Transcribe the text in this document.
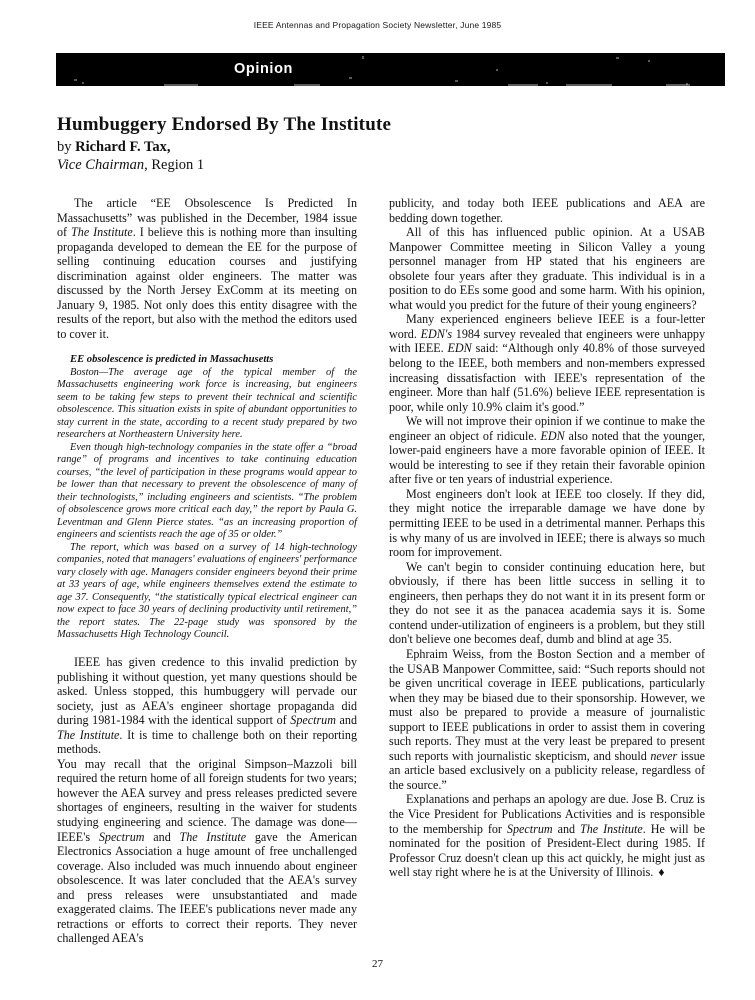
IEEE Antennas and Propagation Society Newsletter, June 1985
Opinion
Humbuggery Endorsed By The Institute
by Richard F. Tax,
Vice Chairman, Region 1

The article “EE Obsolescence Is Predicted In Massachusetts” was published in the December, 1984 issue of The Institute. I believe this is nothing more than insulting propaganda developed to demean the EE for the purpose of selling continuing education courses and justifying discrimination against older engineers. The matter was discussed by the North Jersey ExComm at its meeting on January 9, 1985. Not only does this entity disagree with the results of the report, but also with the method the editors used to cover it.

EE obsolescence is predicted in Massachusetts

Boston—The average age of the typical member of the Massachusetts engineering work force is increasing, but engineers seem to be taking few steps to prevent their technical and scientific obsolescence. This situation exists in spite of abundant opportunities to stay current in the state, according to a recent study prepared by two researchers at Northeastern University here.

Even though high-technology companies in the state offer a “broad range” of programs and incentives to take continuing education courses, “the level of participation in these programs would appear to be lower than that necessary to prevent the obsolescence of many of their technologists,” including engineers and scientists. “The problem of obsolescence grows more critical each day,” the report by Paula G. Leventman and Glenn Pierce states. “as an increasing proportion of engineers and scientists reach the age of 35 or older.”

The report, which was based on a survey of 14 high-technology companies, noted that managers' evaluations of engineers' performance vary closely with age. Managers consider engineers beyond their prime at 33 years of age, while engineers themselves extend the estimate to age 37. Consequently, “the statistically typical electrical engineer can now expect to face 30 years of declining productivity until retirement,” the report states. The 22-page study was sponsored by the Massachusetts High Technology Council.

IEEE has given credence to this invalid prediction by publishing it without question, yet many questions should be asked. Unless stopped, this humbuggery will pervade our society, just as AEA's engineer shortage propaganda did during 1981-1984 with the identical support of Spectrum and The Institute. It is time to challenge both on their reporting methods.

You may recall that the original Simpson–Mazzoli bill required the return home of all foreign students for two years; however the AEA survey and press releases predicted severe shortages of engineers, resulting in the waiver for students studying engineering and science. The damage was done—IEEE's Spectrum and The Institute gave the American Electronics Association a huge amount of free unchallenged coverage. Also included was much innuendo about engineer obsolescence. It was later concluded that the AEA's survey and press releases were unsubstantiated and made exaggerated claims. The IEEE's publications never made any retractions or efforts to correct their reports. They never challenged AEA's

publicity, and today both IEEE publications and AEA are bedding down together.

All of this has influenced public opinion. At a USAB Manpower Committee meeting in Silicon Valley a young personnel manager from HP stated that his engineers are obsolete four years after they graduate. This individual is in a position to do EEs some good and some harm. With his opinion, what would you predict for the future of their young engineers?

Many experienced engineers believe IEEE is a four-letter word. EDN's 1984 survey revealed that engineers were unhappy with IEEE. EDN said: “Although only 40.8% of those surveyed belong to the IEEE, both members and non-members expressed increasing dissatisfaction with IEEE's representation of the engineer. More than half (51.6%) believe IEEE representation is poor, while only 10.9% claim it's good.”

We will not improve their opinion if we continue to make the engineer an object of ridicule. EDN also noted that the younger, lower-paid engineers have a more favorable opinion of IEEE. It would be interesting to see if they retain their favorable opinion after five or ten years of industrial experience.

Most engineers don't look at IEEE too closely. If they did, they might notice the irreparable damage we have done by permitting IEEE to be used in a detrimental manner. Perhaps this is why many of us are involved in IEEE; there is always so much room for improvement.

We can't begin to consider continuing education here, but obviously, if there has been little success in selling it to engineers, then perhaps they do not want it in its present form or they do not see it as the panacea academia says it is. Some contend under-utilization of engineers is a problem, but they still don't believe one becomes deaf, dumb and blind at age 35.

Ephraim Weiss, from the Boston Section and a member of the USAB Manpower Committee, said: “Such reports should not be given uncritical coverage in IEEE publications, particularly when they may be biased due to their sponsorship. However, we must also be prepared to provide a measure of journalistic support to IEEE publications in order to assist them in covering such reports. They must at the very least be prepared to present such reports with journalistic skepticism, and should never issue an article based exclusively on a publicity release, regardless of the source.”

Explanations and perhaps an apology are due. Jose B. Cruz is the Vice President for Publications Activities and is responsible to the membership for Spectrum and The Institute. He will be nominated for the position of President-Elect during 1985. If Professor Cruz doesn't clean up this act quickly, he might just as well stay right where he is at the University of Illinois. ♦

27
